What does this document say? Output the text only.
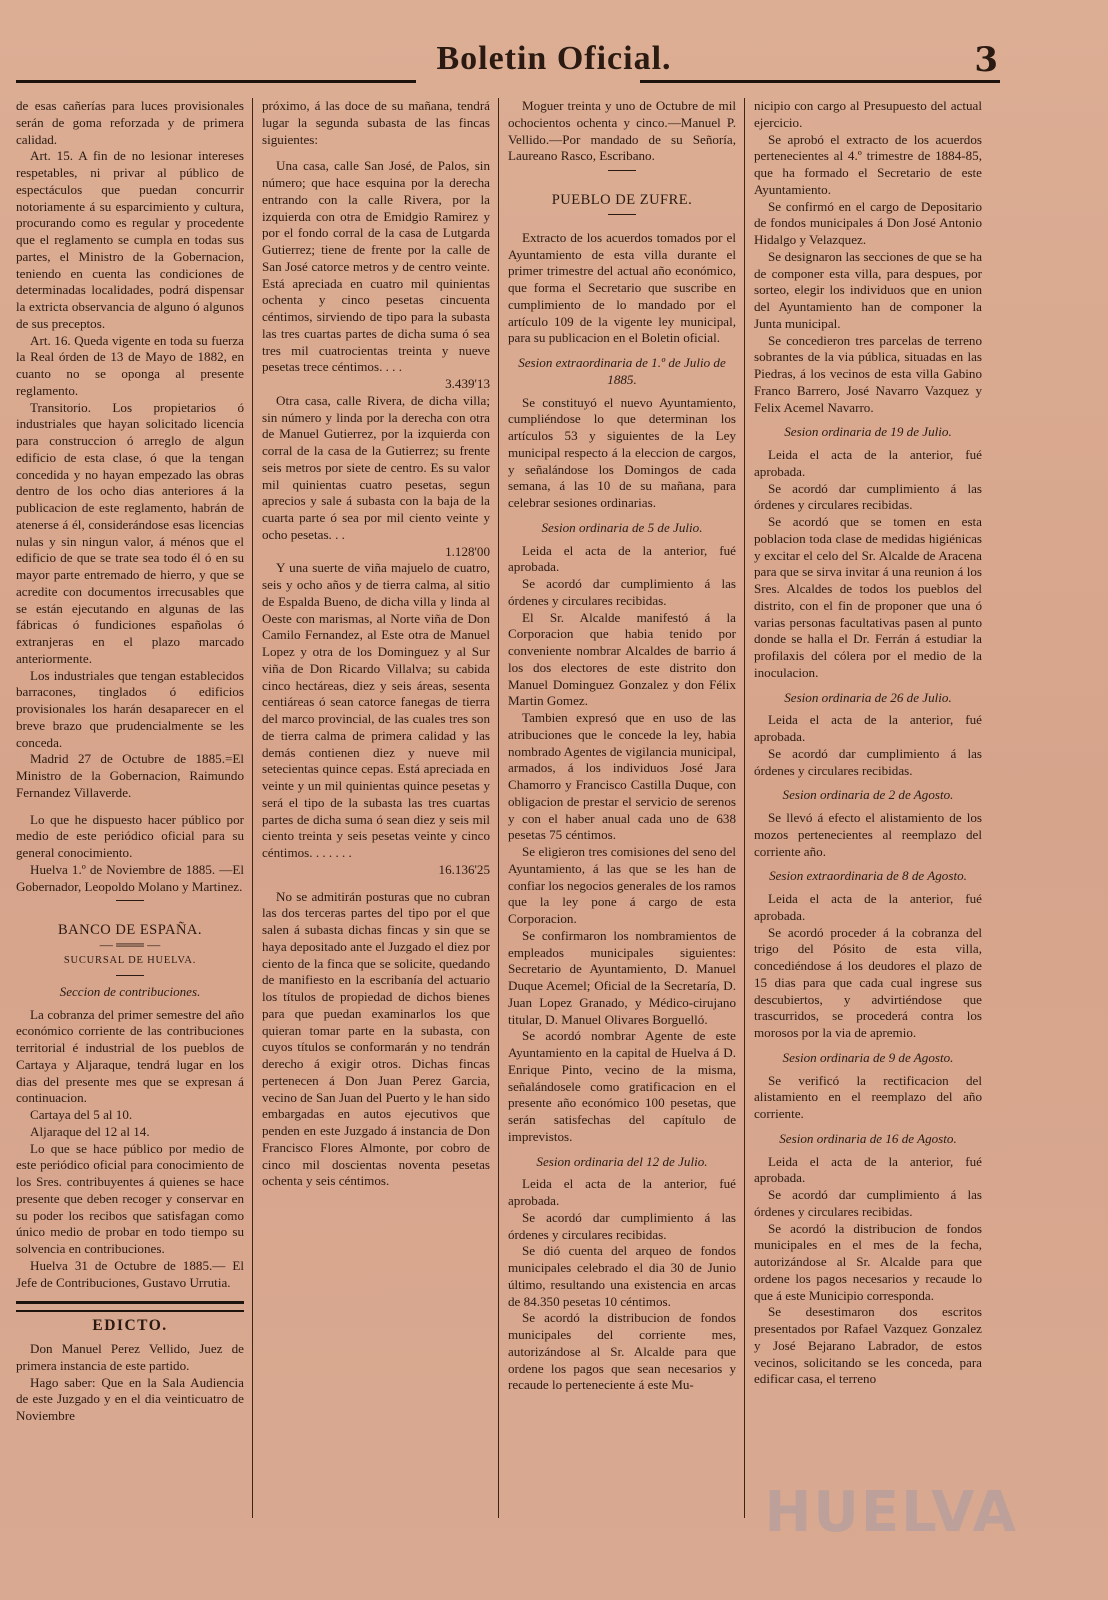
Boletin Oficial.	3

de esas cañerías para luces provisionales serán de goma reforzada y de primera calidad.

Art. 15. A fin de no lesionar intereses respetables, ni privar al público de espectáculos que puedan concurrir notoriamente á su esparcimiento y cultura, procurando como es regular y procedente que el reglamento se cumpla en todas sus partes, el Ministro de la Gobernacion, teniendo en cuenta las condiciones de determinadas localidades, podrá dispensar la extricta observancia de alguno ó algunos de sus preceptos.

Art. 16. Queda vigente en toda su fuerza la Real órden de 13 de Mayo de 1882, en cuanto no se oponga al presente reglamento.

Transitorio. Los propietarios ó industriales que hayan solicitado licencia para construccion ó arreglo de algun edificio de esta clase, ó que la tengan concedida y no hayan empezado las obras dentro de los ocho dias anteriores á la publicacion de este reglamento, habrán de atenerse á él, considerándose esas licencias nulas y sin ningun valor, á ménos que el edificio de que se trate sea todo él ó en su mayor parte entremado de hierro, y que se acredite con documentos irrecusables que se están ejecutando en algunas de las fábricas ó fundiciones españolas ó extranjeras en el plazo marcado anteriormente.

Los industriales que tengan establecidos barracones, tinglados ó edificios provisionales los harán desaparecer en el breve brazo que prudencialmente se les conceda.

Madrid 27 de Octubre de 1885.=El Ministro de la Gobernacion, Raimundo Fernandez Villaverde.

Lo que he dispuesto hacer público por medio de este periódico oficial para su general conocimiento.

Huelva 1.º de Noviembre de 1885. —El Gobernador, Leopoldo Molano y Martinez.

BANCO DE ESPAÑA.
— ═══ —
SUCURSAL DE HUELVA.
Seccion de contribuciones.

La cobranza del primer semestre del año económico corriente de las contribuciones territorial é industrial de los pueblos de Cartaya y Aljaraque, tendrá lugar en los dias del presente mes que se expresan á continuacion.

Cartaya del 5 al 10.

Aljaraque del 12 al 14.

Lo que se hace público por medio de este periódico oficial para conocimiento de los Sres. contribuyentes á quienes se hace presente que deben recoger y conservar en su poder los recibos que satisfagan como único medio de probar en todo tiempo su solvencia en contribuciones.

Huelva 31 de Octubre de 1885.— El Jefe de Contribuciones, Gustavo Urrutia.

EDICTO.

Don Manuel Perez Vellido, Juez de primera instancia de este partido.

Hago saber: Que en la Sala Audiencia de este Juzgado y en el dia veinticuatro de Noviembre

próximo, á las doce de su mañana, tendrá lugar la segunda subasta de las fincas siguientes:

Una casa, calle San José, de Palos, sin número; que hace esquina por la derecha entrando con la calle Rivera, por la izquierda con otra de Emidgio Ramirez y por el fondo corral de la casa de Lutgarda Gutierrez; tiene de frente por la calle de San José catorce metros y de centro veinte. Está apreciada en cuatro mil quinientas ochenta y cinco pesetas cincuenta céntimos, sirviendo de tipo para la subasta las tres cuartas partes de dicha suma ó sea tres mil cuatrocientas treinta y nueve pesetas trece céntimos. . . .

3.439'13

Otra casa, calle Rivera, de dicha villa; sin número y linda por la derecha con otra de Manuel Gutierrez, por la izquierda con corral de la casa de la Gutierrez; su frente seis metros por siete de centro. Es su valor mil quinientas cuatro pesetas, segun aprecios y sale á subasta con la baja de la cuarta parte ó sea por mil ciento veinte y ocho pesetas. . .

1.128'00

Y una suerte de viña majuelo de cuatro, seis y ocho años y de tierra calma, al sitio de Espalda Bueno, de dicha villa y linda al Oeste con marismas, al Norte viña de Don Camilo Fernandez, al Este otra de Manuel Lopez y otra de los Dominguez y al Sur viña de Don Ricardo Villalva; su cabida cinco hectáreas, diez y seis áreas, sesenta centiáreas ó sean catorce fanegas de tierra del marco provincial, de las cuales tres son de tierra calma de primera calidad y las demás contienen diez y nueve mil setecientas quince cepas. Está apreciada en veinte y un mil quinientas quince pesetas y será el tipo de la subasta las tres cuartas partes de dicha suma ó sean diez y seis mil ciento treinta y seis pesetas veinte y cinco céntimos. . . . . . .

16.136'25

No se admitirán posturas que no cubran las dos terceras partes del tipo por el que salen á subasta dichas fincas y sin que se haya depositado ante el Juzgado el diez por ciento de la finca que se solicite, quedando de manifiesto en la escribanía del actuario los títulos de propiedad de dichos bienes para que puedan examinarlos los que quieran tomar parte en la subasta, con cuyos títulos se conformarán y no tendrán derecho á exigir otros. Dichas fincas pertenecen á Don Juan Perez Garcia, vecino de San Juan del Puerto y le han sido embargadas en autos ejecutivos que penden en este Juzgado á instancia de Don Francisco Flores Almonte, por cobro de cinco mil doscientas noventa pesetas ochenta y seis céntimos.

Moguer treinta y uno de Octubre de mil ochocientos ochenta y cinco.—Manuel P. Vellido.—Por mandado de su Señoría, Laureano Rasco, Escribano.

PUEBLO DE ZUFRE.

Extracto de los acuerdos tomados por el Ayuntamiento de esta villa durante el primer trimestre del actual año económico, que forma el Secretario que suscribe en cumplimiento de lo mandado por el artículo 109 de la vigente ley municipal, para su publicacion en el Boletin oficial.

Sesion extraordinaria de 1.º de Julio de 1885.

Se constituyó el nuevo Ayuntamiento, cumpliéndose lo que determinan los artículos 53 y siguientes de la Ley municipal respecto á la eleccion de cargos, y señalándose los Domingos de cada semana, á las 10 de su mañana, para celebrar sesiones ordinarias.

Sesion ordinaria de 5 de Julio.

Leida el acta de la anterior, fué aprobada.

Se acordó dar cumplimiento á las órdenes y circulares recibidas.

El Sr. Alcalde manifestó á la Corporacion que habia tenido por conveniente nombrar Alcaldes de barrio á los dos electores de este distrito don Manuel Dominguez Gonzalez y don Félix Martin Gomez.

Tambien expresó que en uso de las atribuciones que le concede la ley, habia nombrado Agentes de vigilancia municipal, armados, á los individuos José Jara Chamorro y Francisco Castilla Duque, con obligacion de prestar el servicio de serenos y con el haber anual cada uno de 638 pesetas 75 céntimos.

Se eligieron tres comisiones del seno del Ayuntamiento, á las que se les han de confiar los negocios generales de los ramos que la ley pone á cargo de esta Corporacion.

Se confirmaron los nombramientos de empleados municipales siguientes: Secretario de Ayuntamiento, D. Manuel Duque Acemel; Oficial de la Secretaría, D. Juan Lopez Granado, y Médico-cirujano titular, D. Manuel Olivares Borguelló.

Se acordó nombrar Agente de este Ayuntamiento en la capital de Huelva á D. Enrique Pinto, vecino de la misma, señalándosele como gratificacion en el presente año económico 100 pesetas, que serán satisfechas del capítulo de imprevistos.

Sesion ordinaria del 12 de Julio.

Leida el acta de la anterior, fué aprobada.

Se acordó dar cumplimiento á las órdenes y circulares recibidas.

Se dió cuenta del arqueo de fondos municipales celebrado el dia 30 de Junio último, resultando una existencia en arcas de 84.350 pesetas 10 céntimos.

Se acordó la distribucion de fondos municipales del corriente mes, autorizándose al Sr. Alcalde para que ordene los pagos que sean necesarios y recaude lo perteneciente á este Mu-

nicipio con cargo al Presupuesto del actual ejercicio.

Se aprobó el extracto de los acuerdos pertenecientes al 4.º trimestre de 1884-85, que ha formado el Secretario de este Ayuntamiento.

Se confirmó en el cargo de Depositario de fondos municipales á Don José Antonio Hidalgo y Velazquez.

Se designaron las secciones de que se ha de componer esta villa, para despues, por sorteo, elegir los individuos que en union del Ayuntamiento han de componer la Junta municipal.

Se concedieron tres parcelas de terreno sobrantes de la via pública, situadas en las Piedras, á los vecinos de esta villa Gabino Franco Barrero, José Navarro Vazquez y Felix Acemel Navarro.

Sesion ordinaria de 19 de Julio.

Leida el acta de la anterior, fué aprobada.

Se acordó dar cumplimiento á las órdenes y circulares recibidas.

Se acordó que se tomen en esta poblacion toda clase de medidas higiénicas y excitar el celo del Sr. Alcalde de Aracena para que se sirva invitar á una reunion á los Sres. Alcaldes de todos los pueblos del distrito, con el fin de proponer que una ó varias personas facultativas pasen al punto donde se halla el Dr. Ferrán á estudiar la profilaxis del cólera por el medio de la inoculacion.

Sesion ordinaria de 26 de Julio.

Leida el acta de la anterior, fué aprobada.

Se acordó dar cumplimiento á las órdenes y circulares recibidas.

Sesion ordinaria de 2 de Agosto.

Se llevó á efecto el alistamiento de los mozos pertenecientes al reemplazo del corriente año.

Sesion extraordinaria de 8 de Agosto.

Leida el acta de la anterior, fué aprobada.

Se acordó proceder á la cobranza del trigo del Pósito de esta villa, concediéndose á los deudores el plazo de 15 dias para que cada cual ingrese sus descubiertos, y advirtiéndose que trascurridos, se procederá contra los morosos por la via de apremio.

Sesion ordinaria de 9 de Agosto.

Se verificó la rectificacion del alistamiento en el reemplazo del año corriente.

Sesion ordinaria de 16 de Agosto.

Leida el acta de la anterior, fué aprobada.

Se acordó dar cumplimiento á las órdenes y circulares recibidas.

Se acordó la distribucion de fondos municipales en el mes de la fecha, autorizándose al Sr. Alcalde para que ordene los pagos necesarios y recaude lo que á este Municipio corresponda.

Se desestimaron dos escritos presentados por Rafael Vazquez Gonzalez y José Bejarano Labrador, de estos vecinos, solicitando se les conceda, para edificar casa, el terreno

HUELVA
